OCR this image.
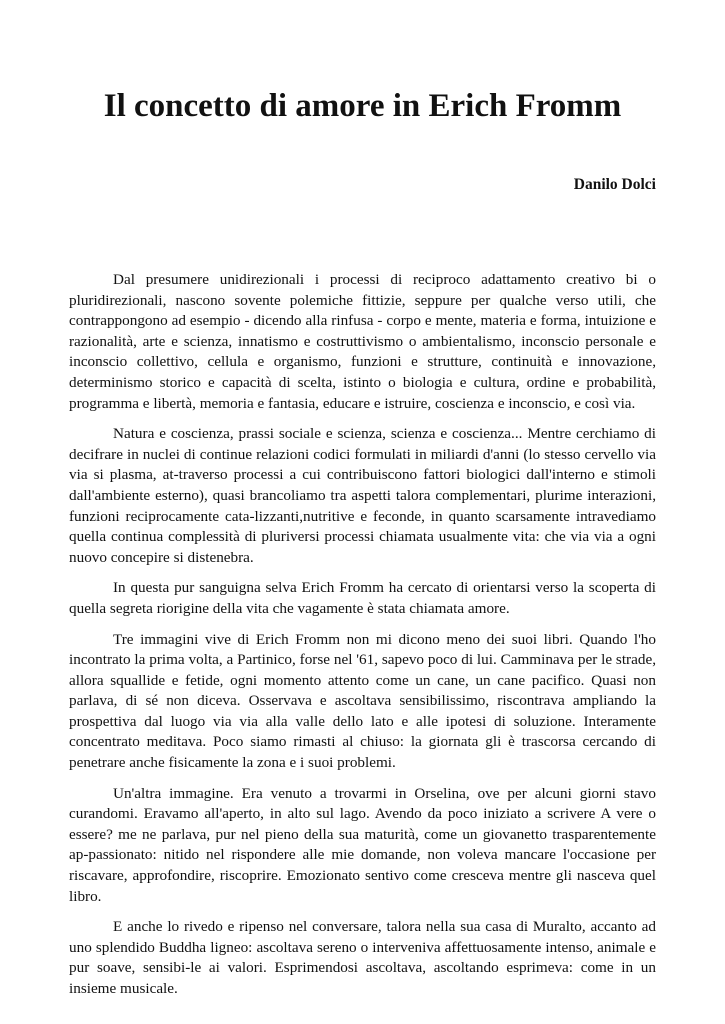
Il concetto di amore in Erich Fromm

Danilo Dolci

Dal presumere unidirezionali i processi di reciproco adattamento creativo bi o pluridirezionali, nascono sovente polemiche fittizie, seppure per qualche verso utili, che contrappongono ad esempio - dicendo alla rinfusa - corpo e mente, materia e forma, intuizione e razionalità, arte e scienza, innatismo e costruttivismo o ambientalismo, inconscio personale e inconscio collettivo, cellula e organismo, funzioni e strutture, continuità e innovazione, determinismo storico e capacità di scelta, istinto o biologia e cultura, ordine e probabilità, programma e libertà, memoria e fantasia, educare e istruire, coscienza e inconscio, e così via.

Natura e coscienza, prassi sociale e scienza, scienza e coscienza... Mentre cerchiamo di decifrare in nuclei di continue relazioni codici formulati in miliardi d'anni (lo stesso cervello via via si plasma, at-traverso processi a cui contribuiscono fattori biologici dall'interno e stimoli dall'ambiente esterno), quasi brancoliamo tra aspetti talora complementari, plurime interazioni, funzioni reciprocamente cata-lizzanti,nutritive e feconde, in quanto scarsamente intravediamo quella continua complessità di pluriversi processi chiamata usualmente vita: che via via a ogni nuovo concepire si distenebra.

In questa pur sanguigna selva Erich Fromm ha cercato di orientarsi verso la scoperta di quella segreta riorigine della vita che vagamente è stata chiamata amore.

Tre immagini vive di Erich Fromm non mi dicono meno dei suoi libri. Quando l'ho incontrato la prima volta, a Partinico, forse nel '61, sapevo poco di lui. Camminava per le strade, allora squallide e fetide, ogni momento attento come un cane, un cane pacifico. Quasi non parlava, di sé non diceva. Osservava e ascoltava sensibilissimo, riscontrava ampliando la prospettiva dal luogo via via alla valle dello lato e alle ipotesi di soluzione. Interamente concentrato meditava. Poco siamo rimasti al chiuso: la giornata gli è trascorsa cercando di penetrare anche fisicamente la zona e i suoi problemi.

Un'altra immagine. Era venuto a trovarmi in Orselina, ove per alcuni giorni stavo curandomi. Eravamo all'aperto, in alto sul lago. Avendo da poco iniziato a scrivere A vere o essere? me ne parlava, pur nel pieno della sua maturità, come un giovanetto trasparentemente ap-passionato: nitido nel rispondere alle mie domande, non voleva mancare l'occasione per riscavare, approfondire, riscoprire. Emozionato sentivo come cresceva mentre gli nasceva quel libro.

E anche lo rivedo e ripenso nel conversare, talora nella sua casa di Muralto, accanto ad uno splendido Buddha ligneo: ascoltava sereno o interveniva affettuosamente intenso, animale e pur soave, sensibi-le ai valori. Esprimendosi ascoltava, ascoltando esprimeva: come in un insieme musicale.
